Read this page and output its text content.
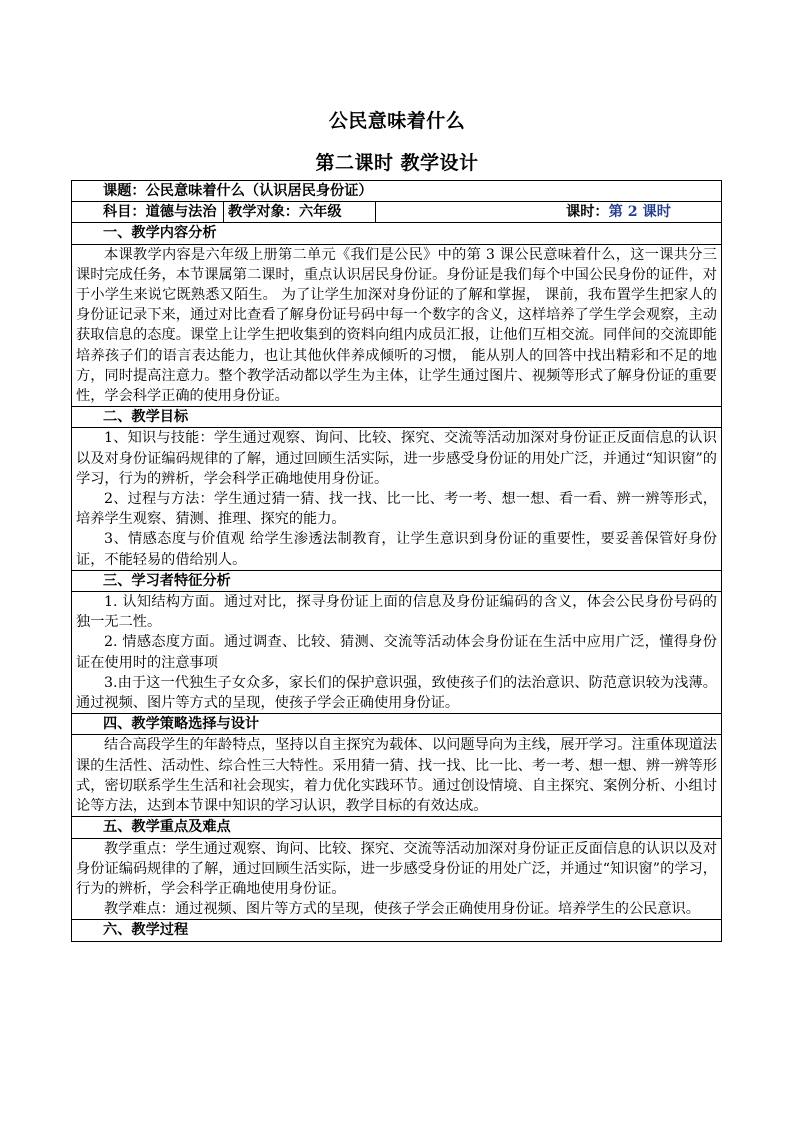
公民意味着什么
第二课时 教学设计
课题：公民意味着什么（认识居民身份证）
科目：道德与法治	教学对象：六年级	课时：第 2 课时
一、教学内容分析

本课教学内容是六年级上册第二单元《我们是公民》中的第 3 课公民意味着什么，这一课共分三课时完成任务，本节课属第二课时，重点认识居民身份证。身份证是我们每个中国公民身份的证件，对于小学生来说它既熟悉又陌生。 为了让学生加深对身份证的了解和掌握， 课前，我布置学生把家人的身份证记录下来，通过对比查看了解身份证号码中每一个数字的含义，这样培养了学生学会观察，主动获取信息的态度。课堂上让学生把收集到的资料向组内成员汇报，让他们互相交流。同伴间的交流即能培养孩子们的语言表达能力，也让其他伙伴养成倾听的习惯， 能从别人的回答中找出精彩和不足的地方，同时提高注意力。整个教学活动都以学生为主体，让学生通过图片、视频等形式了解身份证的重要性，学会科学正确的使用身份证。

二、教学目标

1、知识与技能：学生通过观察、询问、比较、探究、交流等活动加深对身份证正反面信息的认识以及对身份证编码规律的了解，通过回顾生活实际，进一步感受身份证的用处广泛，并通过“知识窗”的学习，行为的辨析，学会科学正确地使用身份证。

2、过程与方法：学生通过猜一猜、找一找、比一比、考一考、想一想、看一看、辨一辨等形式，培养学生观察、猜测、推理、探究的能力。

3、情感态度与价值观 给学生渗透法制教育，让学生意识到身份证的重要性，要妥善保管好身份证，不能轻易的借给别人。

三、学习者特征分析

1. 认知结构方面。通过对比，探寻身份证上面的信息及身份证编码的含义，体会公民身份号码的独一无二性。

2. 情感态度方面。通过调查、比较、猜测、交流等活动体会身份证在生活中应用广泛，懂得身份证在使用时的注意事项

3.由于这一代独生子女众多，家长们的保护意识强，致使孩子们的法治意识、防范意识较为浅薄。通过视频、图片等方式的呈现，使孩子学会正确使用身份证。

四、教学策略选择与设计

结合高段学生的年龄特点，坚持以自主探究为载体、以问题导向为主线，展开学习。注重体现道法课的生活性、活动性、综合性三大特性。采用猜一猜、找一找、比一比、考一考、想一想、辨一辨等形式，密切联系学生生活和社会现实，着力优化实践环节。通过创设情境、自主探究、案例分析、小组讨论等方法，达到本节课中知识的学习认识，教学目标的有效达成。

五、教学重点及难点

教学重点：学生通过观察、询问、比较、探究、交流等活动加深对身份证正反面信息的认识以及对身份证编码规律的了解，通过回顾生活实际，进一步感受身份证的用处广泛，并通过“知识窗”的学习，行为的辨析，学会科学正确地使用身份证。

教学难点：通过视频、图片等方式的呈现，使孩子学会正确使用身份证。培养学生的公民意识。

六、教学过程
